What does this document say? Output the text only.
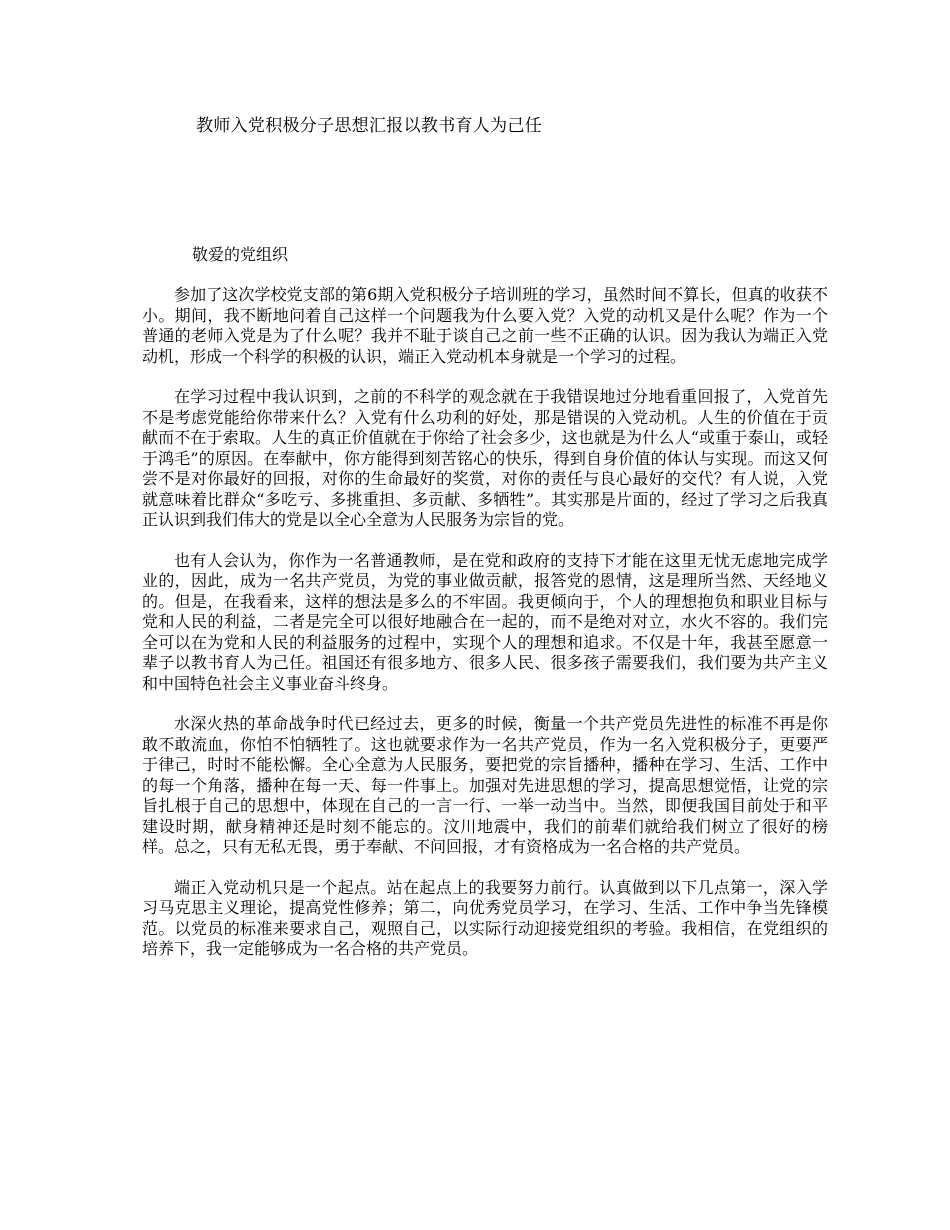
教师入党积极分子思想汇报以教书育人为己任
敬爱的党组织

参加了这次学校党支部的第6期入党积极分子培训班的学习，虽然时间不算长，但真的收获不小。期间，我不断地问着自己这样一个问题我为什么要入党？入党的动机又是什么呢？作为一个普通的老师入党是为了什么呢？我并不耻于谈自己之前一些不正确的认识。因为我认为端正入党动机，形成一个科学的积极的认识，端正入党动机本身就是一个学习的过程。

在学习过程中我认识到，之前的不科学的观念就在于我错误地过分地看重回报了，入党首先不是考虑党能给你带来什么？入党有什么功利的好处，那是错误的入党动机。人生的价值在于贡献而不在于索取。人生的真正价值就在于你给了社会多少，这也就是为什么人“或重于泰山，或轻于鸿毛”的原因。在奉献中，你方能得到刻苦铭心的快乐，得到自身价值的体认与实现。而这又何尝不是对你最好的回报，对你的生命最好的奖赏，对你的责任与良心最好的交代？有人说，入党就意味着比群众“多吃亏、多挑重担、多贡献、多牺牲”。其实那是片面的，经过了学习之后我真正认识到我们伟大的党是以全心全意为人民服务为宗旨的党。

也有人会认为，你作为一名普通教师，是在党和政府的支持下才能在这里无忧无虑地完成学业的，因此，成为一名共产党员，为党的事业做贡献，报答党的恩情，这是理所当然、天经地义的。但是，在我看来，这样的想法是多么的不牢固。我更倾向于，个人的理想抱负和职业目标与党和人民的利益，二者是完全可以很好地融合在一起的，而不是绝对对立，水火不容的。我们完全可以在为党和人民的利益服务的过程中，实现个人的理想和追求。不仅是十年，我甚至愿意一辈子以教书育人为己任。祖国还有很多地方、很多人民、很多孩子需要我们，我们要为共产主义和中国特色社会主义事业奋斗终身。

水深火热的革命战争时代已经过去，更多的时候，衡量一个共产党员先进性的标准不再是你敢不敢流血，你怕不怕牺牲了。这也就要求作为一名共产党员，作为一名入党积极分子，更要严于律己，时时不能松懈。全心全意为人民服务，要把党的宗旨播种，播种在学习、生活、工作中的每一个角落，播种在每一天、每一件事上。加强对先进思想的学习，提高思想觉悟，让党的宗旨扎根于自己的思想中，体现在自己的一言一行、一举一动当中。当然，即便我国目前处于和平建设时期，献身精神还是时刻不能忘的。汶川地震中，我们的前辈们就给我们树立了很好的榜样。总之，只有无私无畏，勇于奉献、不问回报，才有资格成为一名合格的共产党员。

端正入党动机只是一个起点。站在起点上的我要努力前行。认真做到以下几点第一，深入学习马克思主义理论，提高党性修养；第二，向优秀党员学习，在学习、生活、工作中争当先锋模范。以党员的标准来要求自己，观照自己，以实际行动迎接党组织的考验。我相信，在党组织的培养下，我一定能够成为一名合格的共产党员。
